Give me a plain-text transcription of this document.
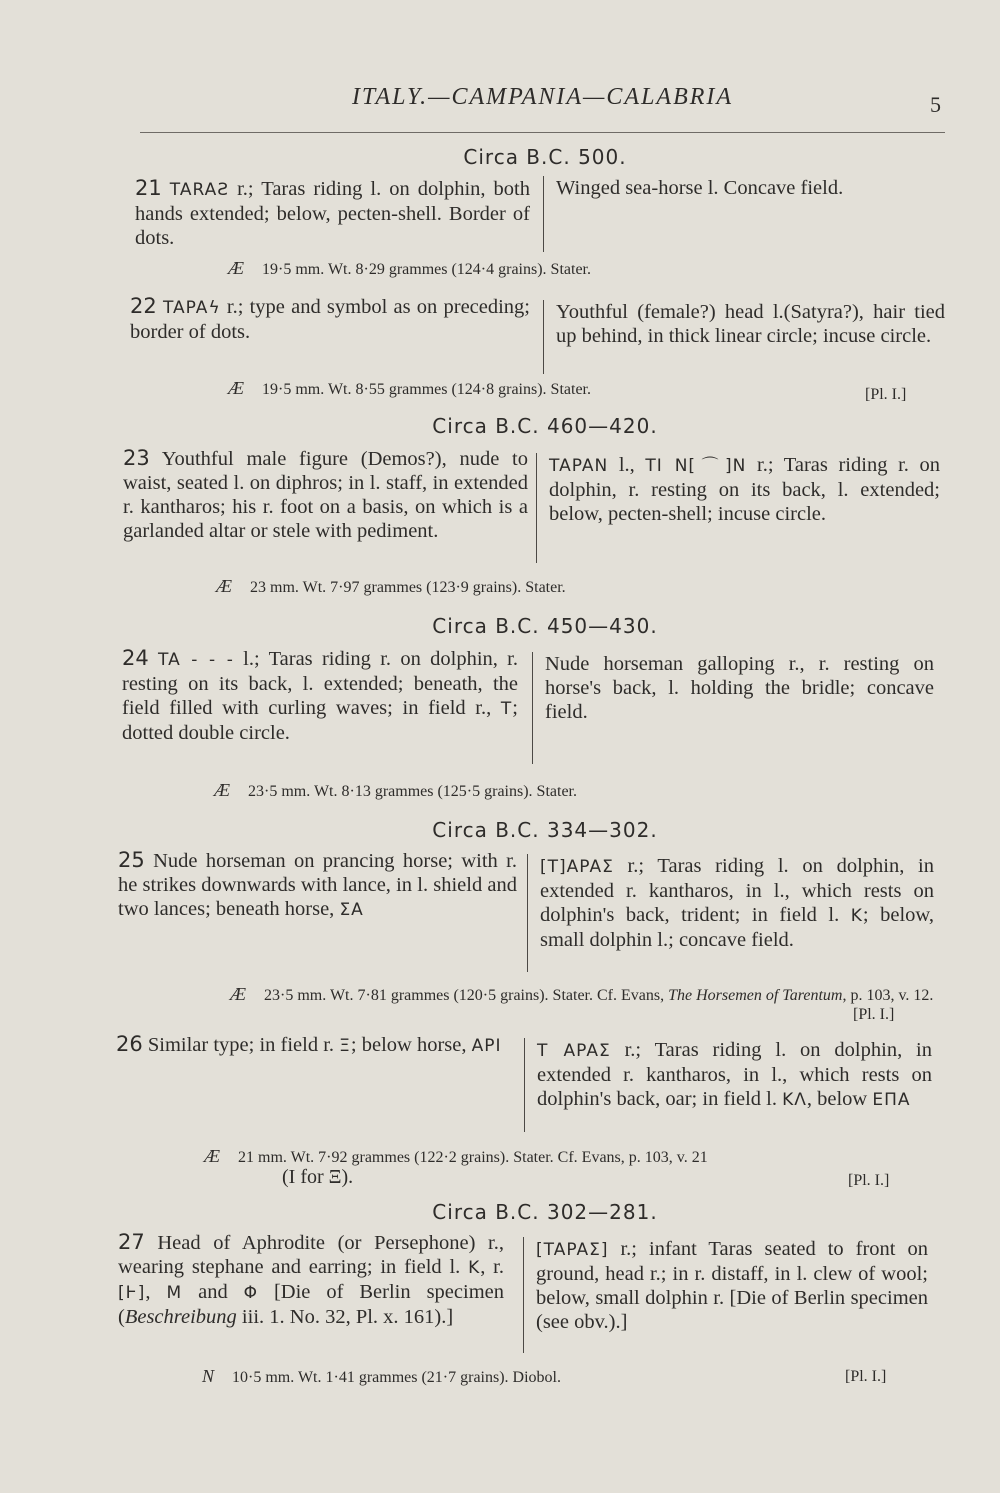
ITALY.—CAMPANIA—CALABRIA	5
Circa B.C. 500.
21 TARAƧ r.; Taras riding l. on dolphin, both hands extended; below, pecten-shell. Border of dots.
Winged sea-horse l. Concave field.
Æ 19·5 mm. Wt. 8·29 grammes (124·4 grains). Stater.
22 TAPAϟ r.; type and symbol as on preceding; border of dots.
Youthful (female?) head l.(Satyra?), hair tied up behind, in thick linear circle; incuse circle.
Æ 19·5 mm. Wt. 8·55 grammes (124·8 grains). Stater.	[Pl. I.]
Circa B.C. 460—420.
23 Youthful male figure (Demos?), nude to waist, seated l. on diphros; in l. staff, in extended r. kantharos; his r. foot on a basis, on which is a garlanded altar or stele with pediment.
TAPAN l., TI N[⌒]N r.; Taras riding r. on dolphin, r. resting on its back, l. extended; below, pecten-shell; incuse circle.
Æ 23 mm. Wt. 7·97 grammes (123·9 grains). Stater.
Circa B.C. 450—430.
24 TA - - - l.; Taras riding r. on dolphin, r. resting on its back, l. extended; beneath, the field filled with curling waves; in field r., T; dotted double circle.
Nude horseman galloping r., r. resting on horse's back, l. holding the bridle; concave field.
Æ 23·5 mm. Wt. 8·13 grammes (125·5 grains). Stater.
Circa B.C. 334—302.
25 Nude horseman on prancing horse; with r. he strikes downwards with lance, in l. shield and two lances; beneath horse, ΣA
[T]APAΣ r.; Taras riding l. on dolphin, in extended r. kantharos, in l., which rests on dolphin's back, trident; in field l. K; below, small dolphin l.; concave field.
Æ 23·5 mm. Wt. 7·81 grammes (120·5 grains). Stater. Cf. Evans, The Horsemen of Tarentum, p. 103, v. 12.
[Pl. I.]
26 Similar type; in field r. Ξ; below horse, API	T APAΣ r.; Taras riding l. on dolphin, in extended r. kantharos, in l., which rests on dolphin's back, oar; in field l. KΛ, below EΠA
Æ 21 mm. Wt. 7·92 grammes (122·2 grains). Stater. Cf. Evans, p. 103, v. 21
(I for Ξ).	[Pl. I.]
Circa B.C. 302—281.
27 Head of Aphrodite (or Persephone) r., wearing stephane and earring; in field l. K, r. [Ͱ], M and Φ [Die of Berlin specimen (Beschreibung iii. 1. No. 32, Pl. x. 161).]
[TAPAΣ] r.; infant Taras seated to front on ground, head r.; in r. distaff, in l. clew of wool; below, small dolphin r. [Die of Berlin specimen (see obv.).]
N 10·5 mm. Wt. 1·41 grammes (21·7 grains). Diobol.	[Pl. I.]
